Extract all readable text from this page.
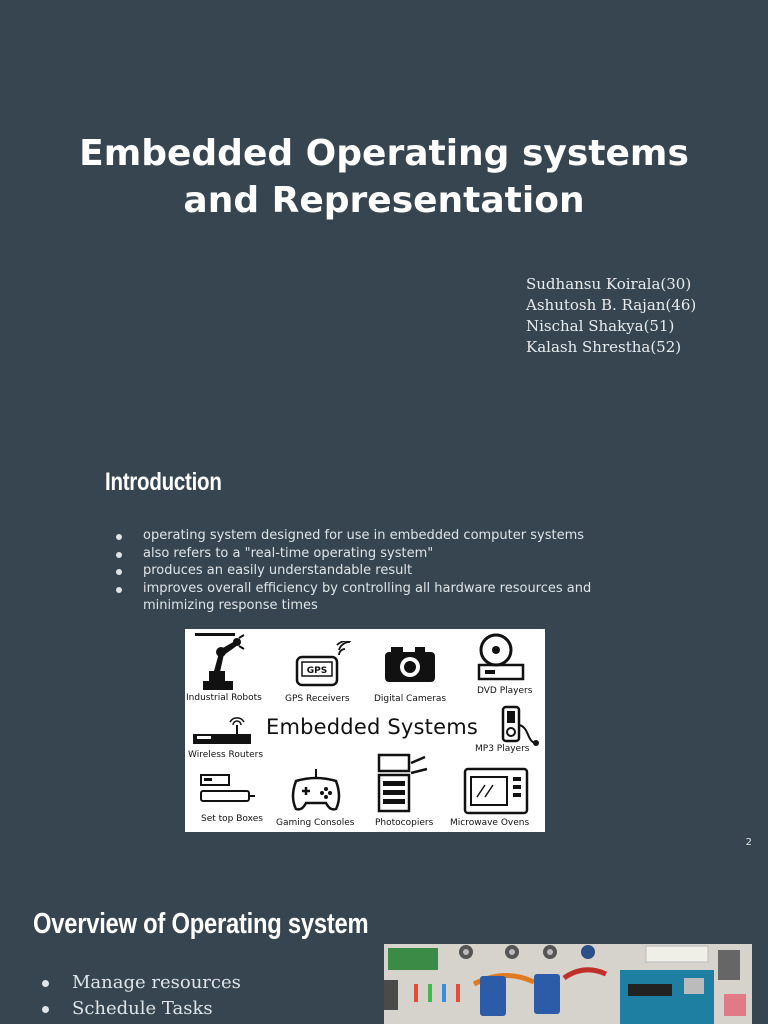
Embedded Operating systems
and Representation
Sudhansu Koirala(30)
Ashutosh B. Rajan(46)
Nischal Shakya(51)
Kalash Shrestha(52)
Introduction
operating system designed for use in embedded computer systems
also refers to a "real-time operating system"
produces an easily understandable result
improves overall efficiency by controlling all hardware resources and minimizing response times
Industrial Robots
GPS
GPS Receivers	Digital Cameras
DVD Players
Wireless Routers
Embedded Systems
MP3 Players
Set top Boxes Gaming Consoles Photocopiers Microwave Ovens
2
Overview of Operating system
Manage resources
Schedule Tasks
